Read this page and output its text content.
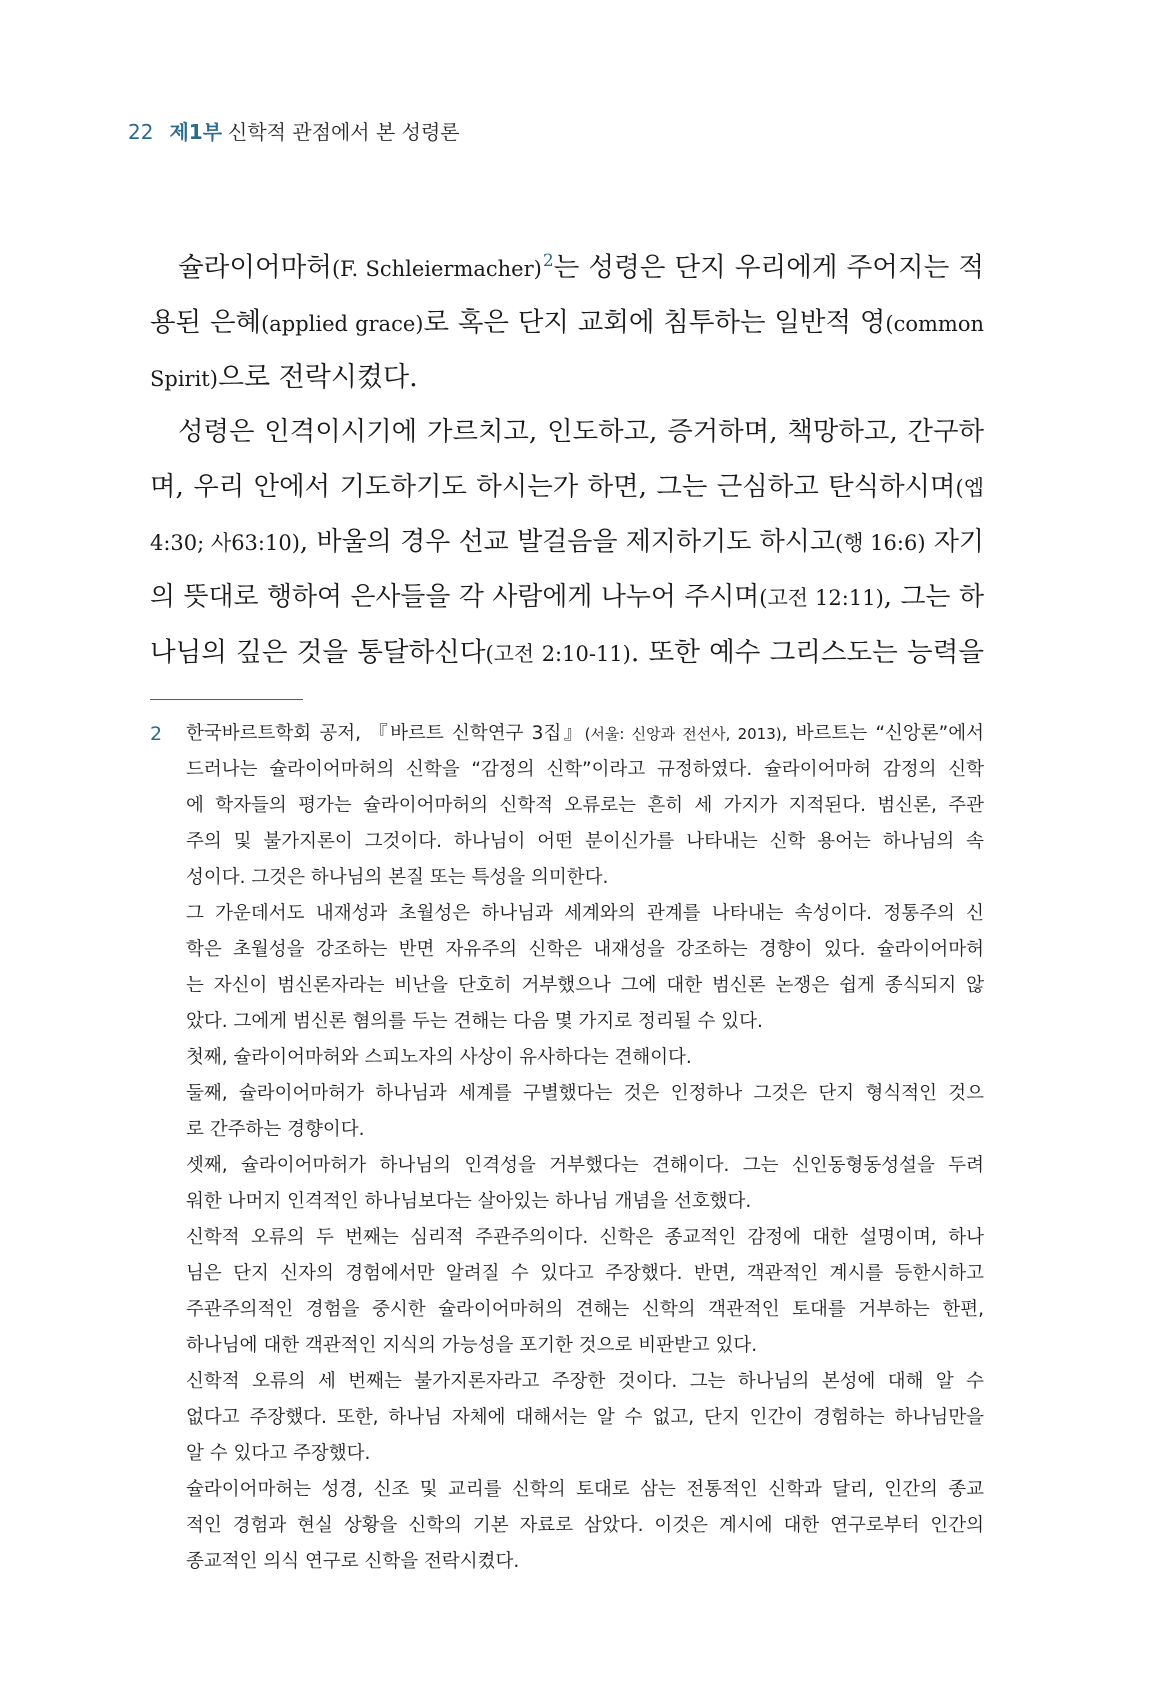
22 제1부 신학적 관점에서 본 성령론
슐라이어마허(F. Schleiermacher)$^2$는 성령은 단지 우리에게 주어지는 적
용된 은혜(applied grace)로 혹은 단지 교회에 침투하는 일반적 영(common
Spirit)으로 전락시켰다.
성령은 인격이시기에 가르치고, 인도하고, 증거하며, 책망하고, 간구하
며, 우리 안에서 기도하기도 하시는가 하면, 그는 근심하고 탄식하시며(엡
4:30; 사63:10), 바울의 경우 선교 발걸음을 제지하기도 하시고(행 16:6) 자기
의 뜻대로 행하여 은사들을 각 사람에게 나누어 주시며(고전 12:11), 그는 하
나님의 깊은 것을 통달하신다(고전 2:10-11). 또한 예수 그리스도는 능력을
2 한국바르트학회 공저, 『바르트 신학연구 3집』(서울: 신앙과 전선사, 2013), 바르트는 “신앙론”에서
드러나는 슐라이어마허의 신학을 “감정의 신학”이라고 규정하였다. 슐라이어마허 감정의 신학
에 학자들의 평가는 슐라이어마허의 신학적 오류로는 흔히 세 가지가 지적된다. 범신론, 주관
주의 및 불가지론이 그것이다. 하나님이 어떤 분이신가를 나타내는 신학 용어는 하나님의 속
성이다. 그것은 하나님의 본질 또는 특성을 의미한다.
그 가운데서도 내재성과 초월성은 하나님과 세계와의 관계를 나타내는 속성이다. 정통주의 신
학은 초월성을 강조하는 반면 자유주의 신학은 내재성을 강조하는 경향이 있다. 슐라이어마허
는 자신이 범신론자라는 비난을 단호히 거부했으나 그에 대한 범신론 논쟁은 쉽게 종식되지 않
았다. 그에게 범신론 혐의를 두는 견해는 다음 몇 가지로 정리될 수 있다.
첫째, 슐라이어마허와 스피노자의 사상이 유사하다는 견해이다.
둘째, 슐라이어마허가 하나님과 세계를 구별했다는 것은 인정하나 그것은 단지 형식적인 것으
로 간주하는 경향이다.
셋째, 슐라이어마허가 하나님의 인격성을 거부했다는 견해이다. 그는 신인동형동성설을 두려
워한 나머지 인격적인 하나님보다는 살아있는 하나님 개념을 선호했다.
신학적 오류의 두 번째는 심리적 주관주의이다. 신학은 종교적인 감정에 대한 설명이며, 하나
님은 단지 신자의 경험에서만 알려질 수 있다고 주장했다. 반면, 객관적인 계시를 등한시하고
주관주의적인 경험을 중시한 슐라이어마허의 견해는 신학의 객관적인 토대를 거부하는 한편,
하나님에 대한 객관적인 지식의 가능성을 포기한 것으로 비판받고 있다.
신학적 오류의 세 번째는 불가지론자라고 주장한 것이다. 그는 하나님의 본성에 대해 알 수
없다고 주장했다. 또한, 하나님 자체에 대해서는 알 수 없고, 단지 인간이 경험하는 하나님만을
알 수 있다고 주장했다.
슐라이어마허는 성경, 신조 및 교리를 신학의 토대로 삼는 전통적인 신학과 달리, 인간의 종교
적인 경험과 현실 상황을 신학의 기본 자료로 삼았다. 이것은 계시에 대한 연구로부터 인간의
종교적인 의식 연구로 신학을 전락시켰다.
